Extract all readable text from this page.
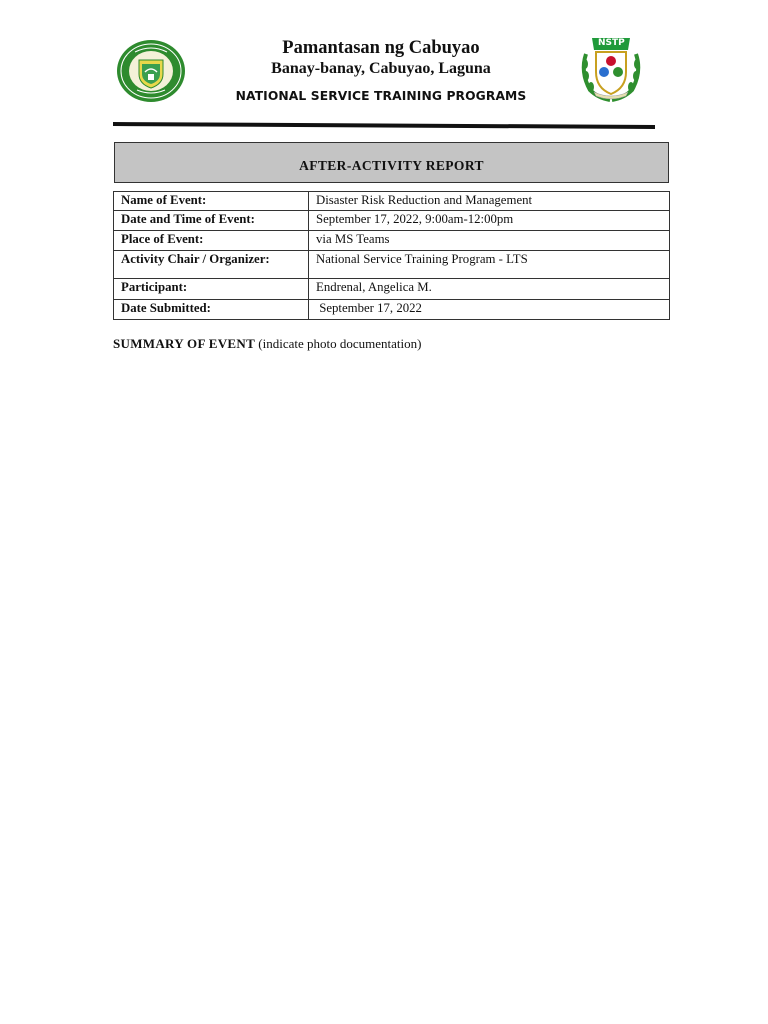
Pamantasan ng Cabuyao
Banay-banay, Cabuyao, Laguna
NATIONAL SERVICE TRAINING PROGRAMS
NSTP
AFTER-ACTIVITY REPORT
Name of Event:	Disaster Risk Reduction and Management
Date and Time of Event:	September 17, 2022, 9:00am-12:00pm
Place of Event:	via MS Teams
Activity Chair / Organizer:	National Service Training Program - LTS
Participant:	Endrenal, Angelica M.
Date Submitted:	September 17, 2022
SUMMARY OF EVENT (indicate photo documentation)
